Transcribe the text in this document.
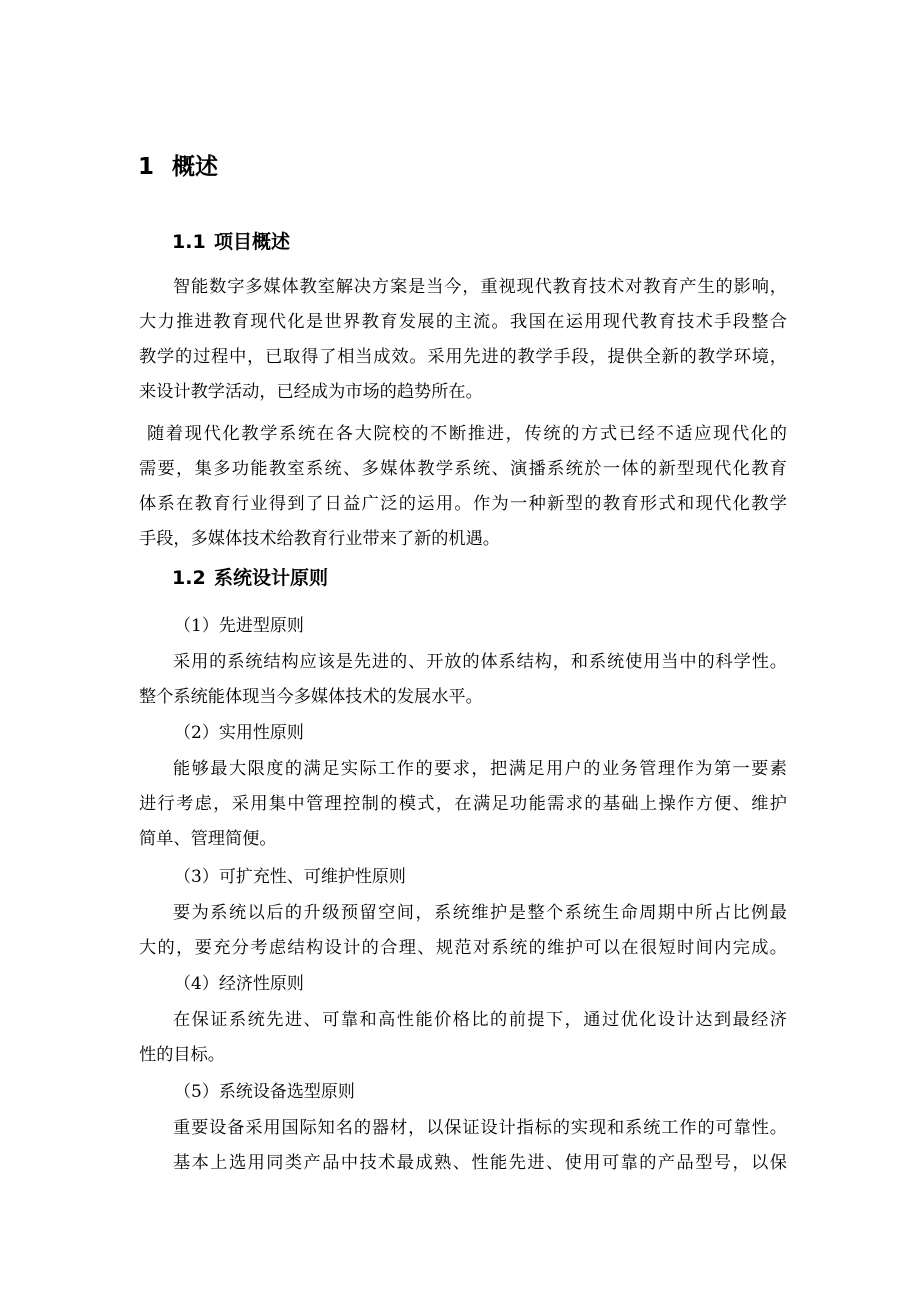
1 概述
1.1 项目概述
智能数字多媒体教室解决方案是当今，重视现代教育技术对教育产生的影响，
大力推进教育现代化是世界教育发展的主流。我国在运用现代教育技术手段整合
教学的过程中，已取得了相当成效。采用先进的教学手段，提供全新的教学环境，
来设计教学活动，已经成为市场的趋势所在。
随着现代化教学系统在各大院校的不断推进，传统的方式已经不适应现代化的
需要，集多功能教室系统、多媒体教学系统、演播系统於一体的新型现代化教育
体系在教育行业得到了日益广泛的运用。作为一种新型的教育形式和现代化教学
手段，多媒体技术给教育行业带来了新的机遇。
1.2 系统设计原则
（1）先进型原则
采用的系统结构应该是先进的、开放的体系结构，和系统使用当中的科学性。
整个系统能体现当今多媒体技术的发展水平。
（2）实用性原则
能够最大限度的满足实际工作的要求，把满足用户的业务管理作为第一要素
进行考虑，采用集中管理控制的模式，在满足功能需求的基础上操作方便、维护
简单、管理简便。
（3）可扩充性、可维护性原则
要为系统以后的升级预留空间，系统维护是整个系统生命周期中所占比例最
大的，要充分考虑结构设计的合理、规范对系统的维护可以在很短时间内完成。
（4）经济性原则
在保证系统先进、可靠和高性能价格比的前提下，通过优化设计达到最经济
性的目标。
（5）系统设备选型原则
重要设备采用国际知名的器材，以保证设计指标的实现和系统工作的可靠性。
基本上选用同类产品中技术最成熟、性能先进、使用可靠的产品型号，以保
